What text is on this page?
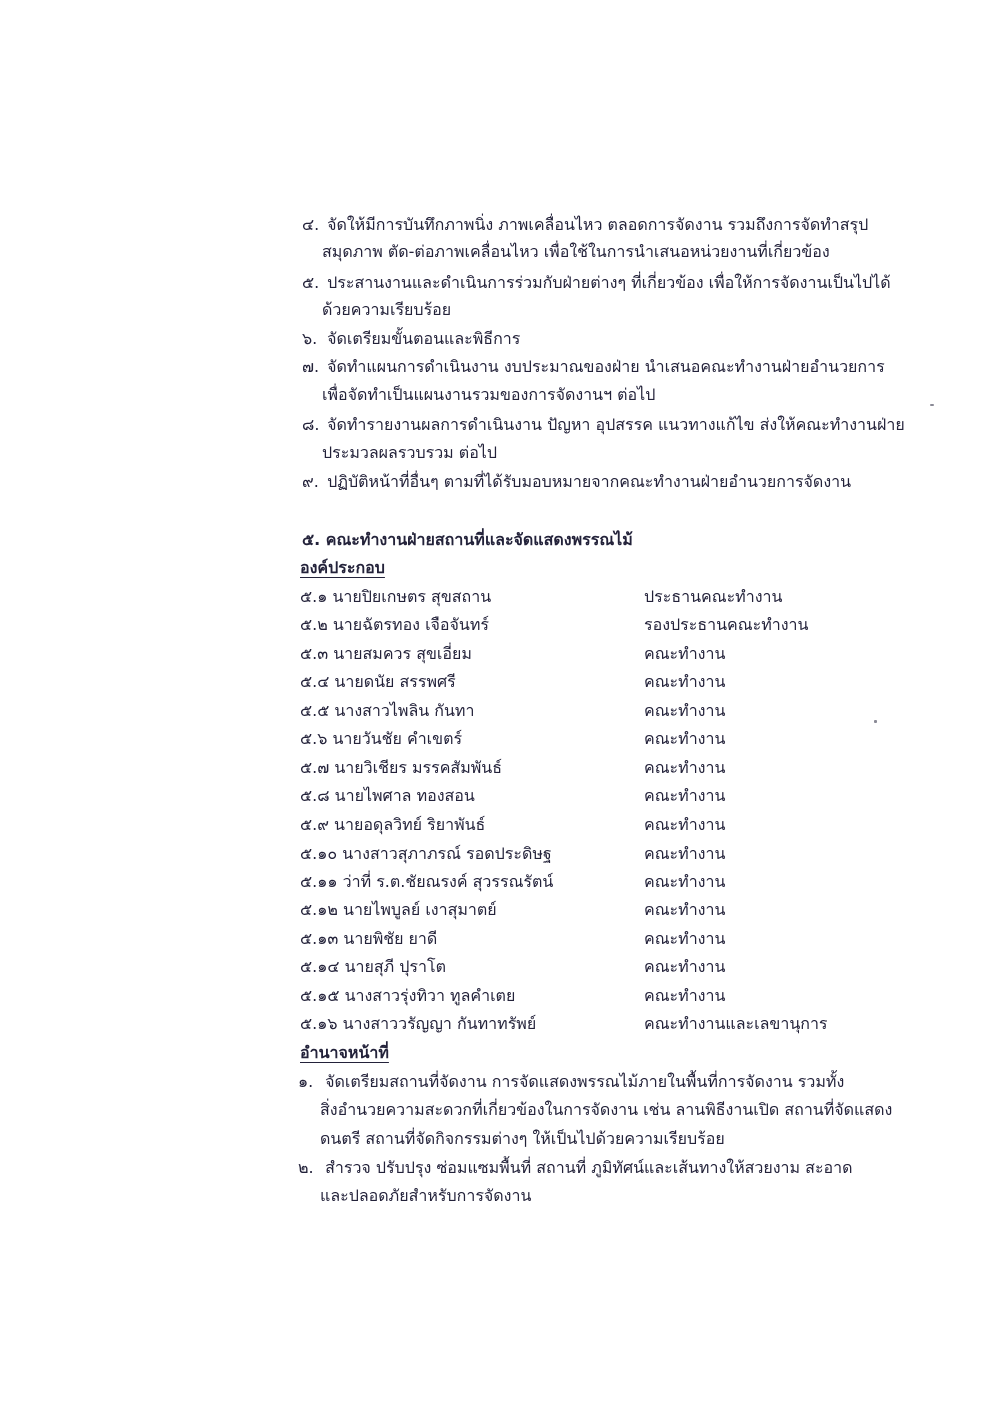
๔. จัดให้มีการบันทึกภาพนิ่ง ภาพเคลื่อนไหว ตลอดการจัดงาน รวมถึงการจัดทำสรุป
สมุดภาพ ตัด-ต่อภาพเคลื่อนไหว เพื่อใช้ในการนำเสนอหน่วยงานที่เกี่ยวข้อง
๕. ประสานงานและดำเนินการร่วมกับฝ่ายต่างๆ ที่เกี่ยวข้อง เพื่อให้การจัดงานเป็นไปได้
ด้วยความเรียบร้อย
๖. จัดเตรียมขั้นตอนและพิธีการ
๗. จัดทำแผนการดำเนินงาน งบประมาณของฝ่าย นำเสนอคณะทำงานฝ่ายอำนวยการ
เพื่อจัดทำเป็นแผนงานรวมของการจัดงานฯ ต่อไป
๘. จัดทำรายงานผลการดำเนินงาน ปัญหา อุปสรรค แนวทางแก้ไข ส่งให้คณะทำงานฝ่าย
ประมวลผลรวบรวม ต่อไป
๙. ปฏิบัติหน้าที่อื่นๆ ตามที่ได้รับมอบหมายจากคณะทำงานฝ่ายอำนวยการจัดงาน
๕. คณะทำงานฝ่ายสถานที่และจัดแสดงพรรณไม้
องค์ประกอบ
๕.๑ นายปิยเกษตร สุขสถาน	ประธานคณะทำงาน
๕.๒ นายฉัตรทอง เจือจันทร์	รองประธานคณะทำงาน
๕.๓ นายสมควร สุขเอี่ยม	คณะทำงาน
๕.๔ นายดนัย สรรพศรี	คณะทำงาน
๕.๕ นางสาวไพลิน กันทา	คณะทำงาน
๕.๖ นายวันชัย คำเขตร์	คณะทำงาน
๕.๗ นายวิเชียร มรรคสัมพันธ์	คณะทำงาน
๕.๘ นายไพศาล ทองสอน	คณะทำงาน
๕.๙ นายอดุลวิทย์ ริยาพันธ์	คณะทำงาน
๕.๑๐ นางสาวสุภาภรณ์ รอดประดิษฐ	คณะทำงาน
๕.๑๑ ว่าที่ ร.ต.ชัยณรงค์ สุวรรณรัตน์	คณะทำงาน
๕.๑๒ นายไพบูลย์ เงาสุมาตย์	คณะทำงาน
๕.๑๓ นายพิชัย ยาดี	คณะทำงาน
๕.๑๔ นายสุภี ปุราโต	คณะทำงาน
๕.๑๕ นางสาวรุ่งทิวา ทูลคำเตย	คณะทำงาน
๕.๑๖ นางสาววรัญญา กันทาทรัพย์	คณะทำงานและเลขานุการ
อำนาจหน้าที่
๑. จัดเตรียมสถานที่จัดงาน การจัดแสดงพรรณไม้ภายในพื้นที่การจัดงาน รวมทั้ง
สิ่งอำนวยความสะดวกที่เกี่ยวข้องในการจัดงาน เช่น ลานพิธีงานเปิด สถานที่จัดแสดง
ดนตรี สถานที่จัดกิจกรรมต่างๆ ให้เป็นไปด้วยความเรียบร้อย
๒. สำรวจ ปรับปรุง ซ่อมแซมพื้นที่ สถานที่ ภูมิทัศน์และเส้นทางให้สวยงาม สะอาด
และปลอดภัยสำหรับการจัดงาน
